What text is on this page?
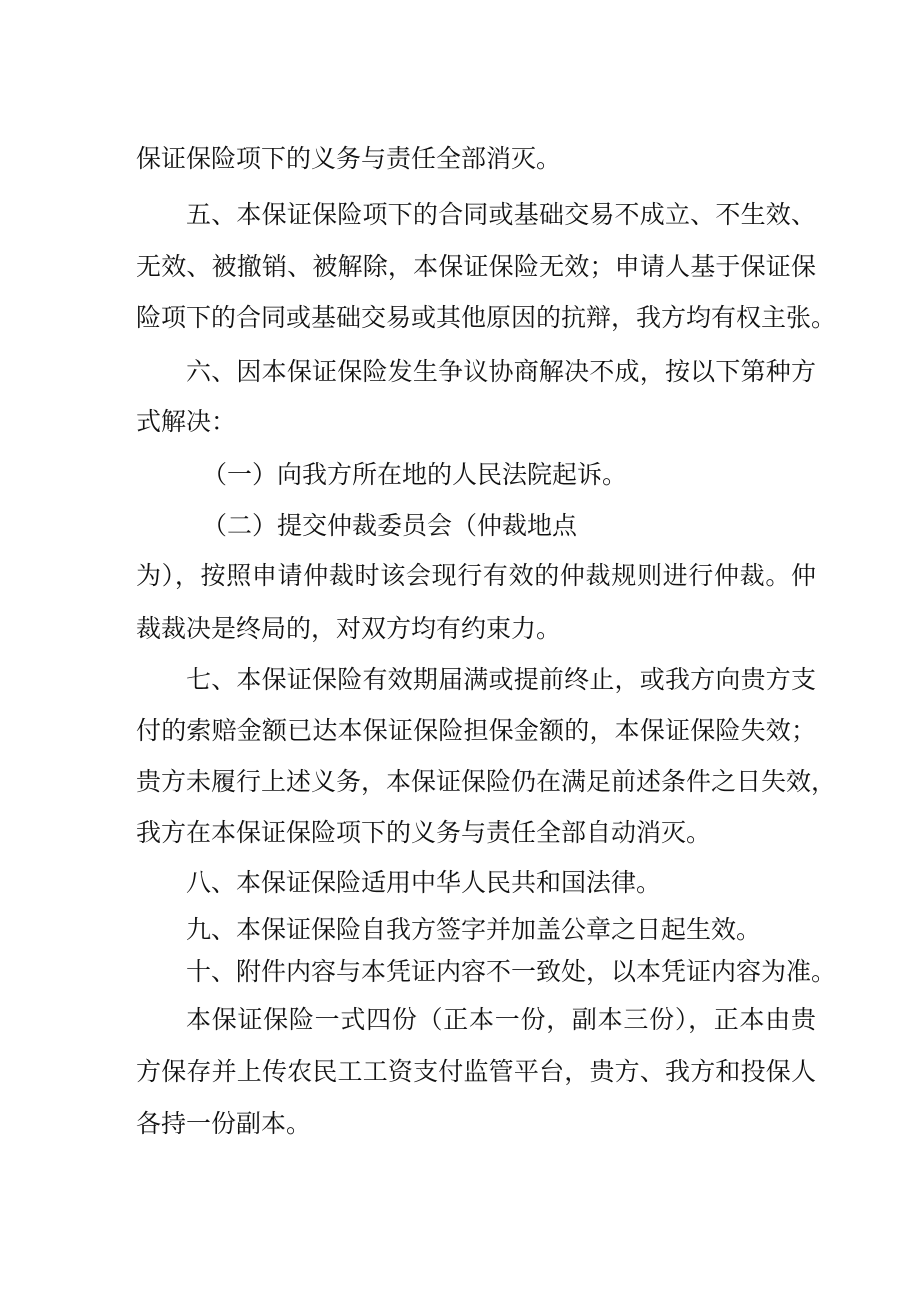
保证保险项下的义务与责任全部消灭。

五、本保证保险项下的合同或基础交易不成立、不生效、

无效、被撤销、被解除，本保证保险无效；申请人基于保证保

险项下的合同或基础交易或其他原因的抗辩，我方均有权主张。

六、因本保证保险发生争议协商解决不成，按以下第种方

式解决：

（一）向我方所在地的人民法院起诉。

（二）提交仲裁委员会（仲裁地点

为），按照申请仲裁时该会现行有效的仲裁规则进行仲裁。仲

裁裁决是终局的，对双方均有约束力。

七、本保证保险有效期届满或提前终止，或我方向贵方支

付的索赔金额已达本保证保险担保金额的，本保证保险失效；

贵方未履行上述义务，本保证保险仍在满足前述条件之日失效，

我方在本保证保险项下的义务与责任全部自动消灭。

八、本保证保险适用中华人民共和国法律。

九、本保证保险自我方签字并加盖公章之日起生效。

十、附件内容与本凭证内容不一致处，以本凭证内容为准。

本保证保险一式四份（正本一份，副本三份），正本由贵

方保存并上传农民工工资支付监管平台，贵方、我方和投保人

各持一份副本。
